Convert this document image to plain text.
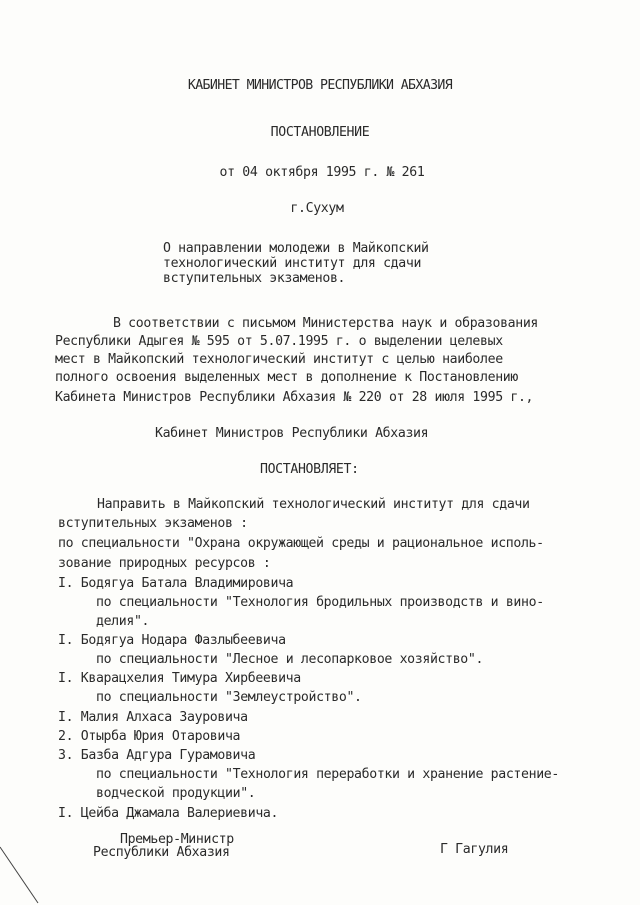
КАБИНЕТ МИНИСТРОВ РЕСПУБЛИКИ АБХАЗИЯ
ПОСТАНОВЛЕНИЕ
от 04 октября 1995 г. № 261
г.Сухум
О направлении молодежи в Майкопский
технологический институт для сдачи
вступительных экзаменов.
В соответствии с письмом Министерства наук и образования
Республики Адыгея № 595 от 5.07.1995 г. о выделении целевых
мест в Майкопский технологический институт с целью наиболее
полного освоения выделенных мест в дополнение к Постановлению
Кабинета Министров Республики Абхазия № 220 от 28 июля 1995 г.,
Кабинет Министров Республики Абхазия
ПОСТАНОВЛЯЕТ:
Направить в Майкопский технологический институт для сдачи
вступительных экзаменов :
по специальности "Охрана окружающей среды и рациональное исполь-
зование природных ресурсов :
I. Бодягуа Батала Владимировича
по специальности "Технология бродильных производств и вино-
делия".
I. Бодягуа Нодара Фазлыбеевича
по специальности "Лесное и лесопарковое хозяйство".
I. Кварацхелия Тимура Хирбеевича
по специальности "Землеустройство".
I. Малия Алхаса Зауровича
2. Отырба Юрия Отаровича
3. Базба Адгура Гурамовича
по специальности "Технология переработки и хранение растение-
водческой продукции".
I. Цейба Джамала Валериевича.
Премьер-Министр
Республики Абхазия	Г Гагулия
